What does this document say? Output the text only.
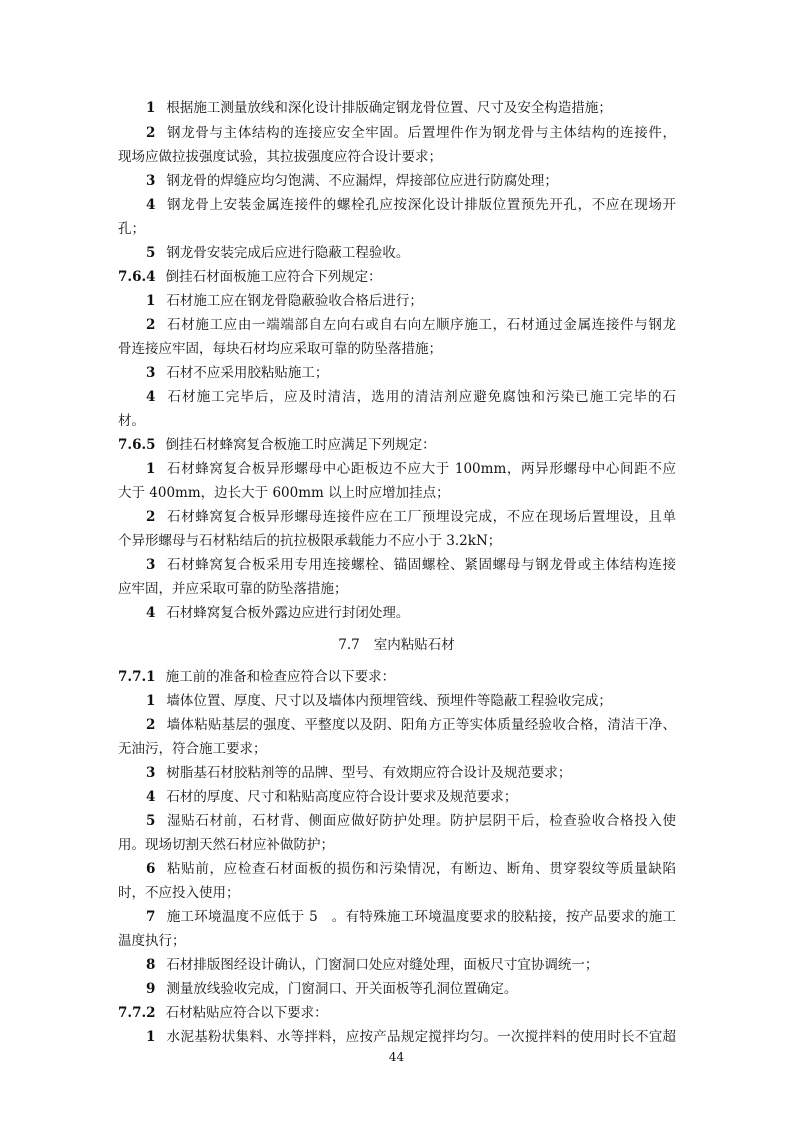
1 根据施工测量放线和深化设计排版确定钢龙骨位置、尺寸及安全构造措施；
2 钢龙骨与主体结构的连接应安全牢固。后置埋件作为钢龙骨与主体结构的连接件，
现场应做拉拔强度试验，其拉拔强度应符合设计要求；
3 钢龙骨的焊缝应均匀饱满、不应漏焊，焊接部位应进行防腐处理；
4 钢龙骨上安装金属连接件的螺栓孔应按深化设计排版位置预先开孔，不应在现场开
孔；
5 钢龙骨安装完成后应进行隐蔽工程验收。
7.6.4 倒挂石材面板施工应符合下列规定：
1 石材施工应在钢龙骨隐蔽验收合格后进行；
2 石材施工应由一端端部自左向右或自右向左顺序施工，石材通过金属连接件与钢龙
骨连接应牢固，每块石材均应采取可靠的防坠落措施；
3 石材不应采用胶粘贴施工；
4 石材施工完毕后，应及时清洁，选用的清洁剂应避免腐蚀和污染已施工完毕的石
材。
7.6.5 倒挂石材蜂窝复合板施工时应满足下列规定：
1 石材蜂窝复合板异形螺母中心距板边不应大于 100mm，两异形螺母中心间距不应
大于 400mm，边长大于 600mm 以上时应增加挂点；
2 石材蜂窝复合板异形螺母连接件应在工厂预埋设完成，不应在现场后置埋设，且单
个异形螺母与石材粘结后的抗拉极限承载能力不应小于 3.2kN；
3 石材蜂窝复合板采用专用连接螺栓、锚固螺栓、紧固螺母与钢龙骨或主体结构连接
应牢固，并应采取可靠的防坠落措施；
4 石材蜂窝复合板外露边应进行封闭处理。
7.7 室内粘贴石材
7.7.1 施工前的准备和检查应符合以下要求：
1 墙体位置、厚度、尺寸以及墙体内预埋管线、预埋件等隐蔽工程验收完成；
2 墙体粘贴基层的强度、平整度以及阴、阳角方正等实体质量经验收合格，清洁干净、
无油污，符合施工要求；
3 树脂基石材胶粘剂等的品牌、型号、有效期应符合设计及规范要求；
4 石材的厚度、尺寸和粘贴高度应符合设计要求及规范要求；
5 湿贴石材前，石材背、侧面应做好防护处理。防护层阴干后，检查验收合格投入使
用。现场切割天然石材应补做防护；
6 粘贴前，应检查石材面板的损伤和污染情况，有断边、断角、贯穿裂纹等质量缺陷
时，不应投入使用；
7 施工环境温度不应低于 5　。有特殊施工环境温度要求的胶粘接，按产品要求的施工
温度执行；
8 石材排版图经设计确认，门窗洞口处应对缝处理，面板尺寸宜协调统一；
9 测量放线验收完成，门窗洞口、开关面板等孔洞位置确定。
7.7.2 石材粘贴应符合以下要求：
1 水泥基粉状集料、水等拌料，应按产品规定搅拌均匀。一次搅拌料的使用时长不宜超
44
